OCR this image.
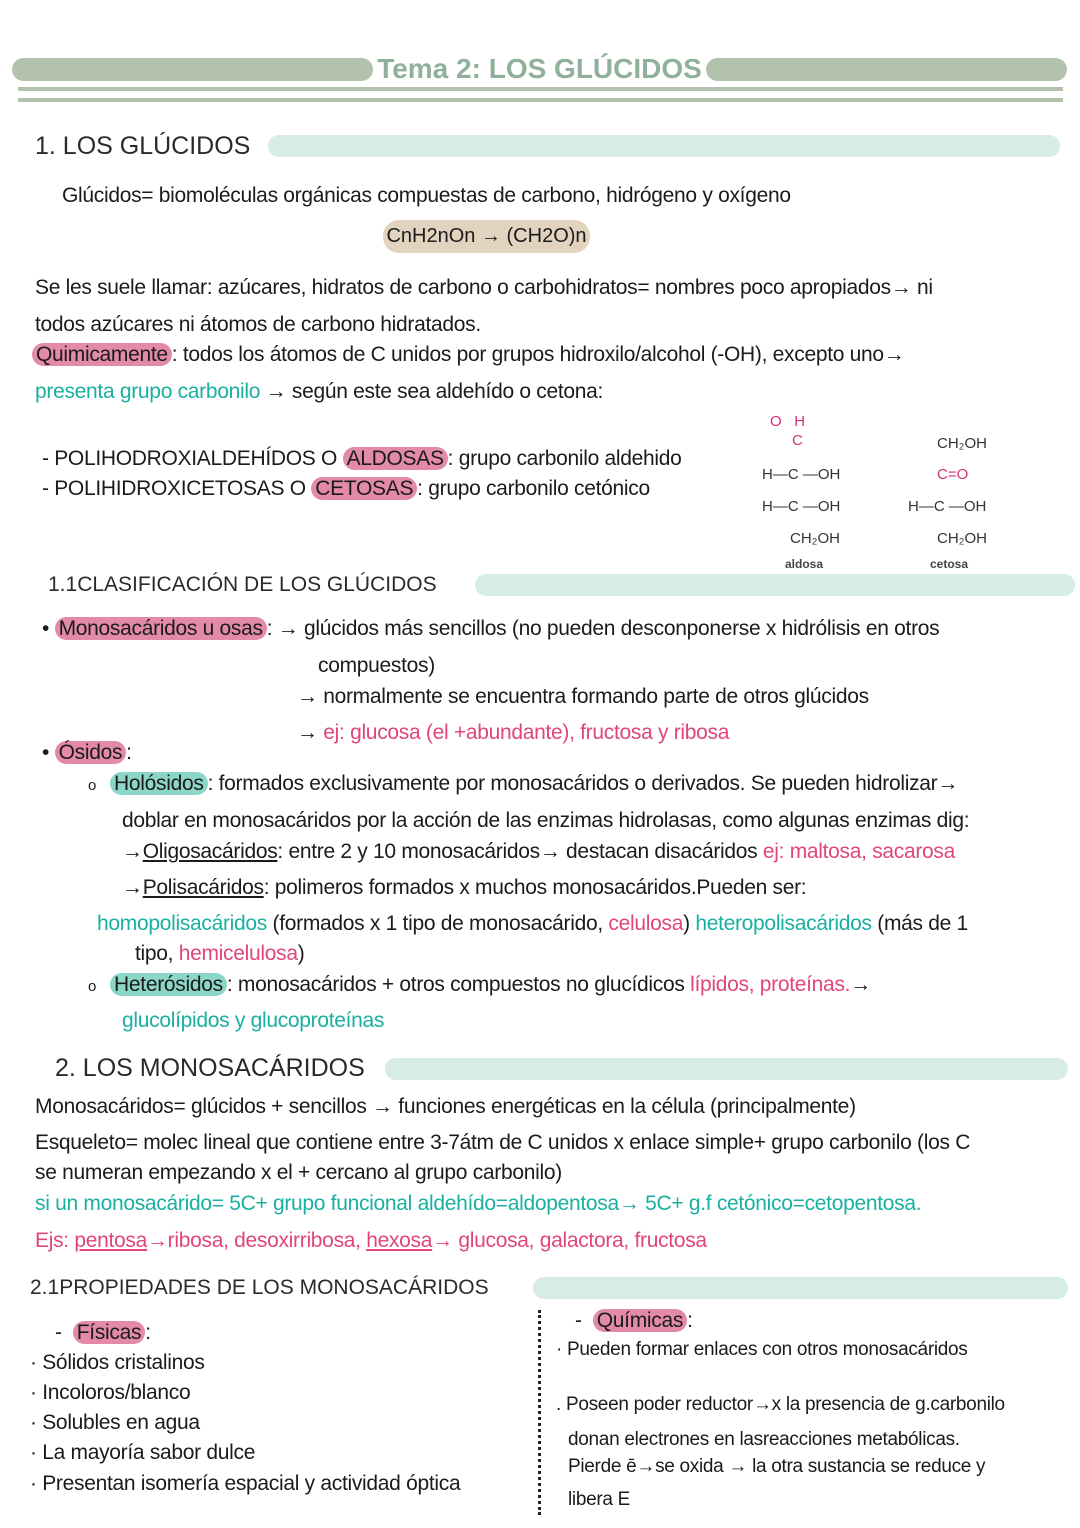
Tema 2: LOS GLÚCIDOS
1. LOS GLÚCIDOS
Glúcidos= biomoléculas orgánicas compuestas de carbono, hidrógeno y oxígeno
CnH2nOn → (CH2O)n
Se les suele llamar: azúcares, hidratos de carbono o carbohidratos= nombres poco apropiados→ ni
todos azúcares ni átomos de carbono hidratados.
Quimicamente : todos los átomos de C unidos por grupos hidroxilo/alcohol (-OH), excepto uno→
presenta grupo carbonilo → según este sea aldehído o cetona:
- POLIHODROXIALDEHÍDOS O ALDOSAS : grupo carbonilo aldehido
- POLIHIDROXICETOSAS O CETOSAS : grupo carbonilo cetónico
O H
C
H—C —OH
H—C —OH
CH₂OH
aldosa
CH₂OH
C=O
H—C —OH
CH₂OH
cetosa
1.1CLASIFICACIÓN DE LOS GLÚCIDOS
• Monosacáridos u osas : → glúcidos más sencillos (no pueden desconponerse x hidrólisis en otros
compuestos)
→ normalmente se encuentra formando parte de otros glúcidos
→ ej: glucosa (el +abundante), fructosa y ribosa
• Ósidos :
o Holósidos : formados exclusivamente por monosacáridos o derivados. Se pueden hidrolizar→
doblar en monosacáridos por la acción de las enzimas hidrolasas, como algunas enzimas dig:
→Oligosacáridos: entre 2 y 10 monosacáridos→ destacan disacáridos ej: maltosa, sacarosa
→Polisacáridos: polimeros formados x muchos monosacáridos.Pueden ser:
homopolisacáridos (formados x 1 tipo de monosacárido, celulosa) heteropolisacáridos (más de 1
tipo, hemicelulosa)
o Heterósidos : monosacáridos + otros compuestos no glucídicos lípidos, proteínas.→
glucolípidos y glucoproteínas
2. LOS MONOSACÁRIDOS
Monosacáridos= glúcidos + sencillos → funciones energéticas en la célula (principalmente)
Esqueleto= molec lineal que contiene entre 3-7átm de C unidos x enlace simple+ grupo carbonilo (los C
se numeran empezando x el + cercano al grupo carbonilo)
si un monosacárido= 5C+ grupo funcional aldehído=aldopentosa→ 5C+ g.f cetónico=cetopentosa.
Ejs: pentosa→ribosa, desoxirribosa, hexosa→ glucosa, galactora, fructosa
2.1PROPIEDADES DE LOS MONOSACÁRIDOS
-  Físicas :
· Sólidos cristalinos
· Incoloros/blanco
· Solubles en agua
· La mayoría sabor dulce
· Presentan isomería espacial y actividad óptica
-  Químicas :
· Pueden formar enlaces con otros monosacáridos
. Poseen poder reductor→x la presencia de g.carbonilo
donan electrones en lasreacciones metabólicas.
Pierde ē→se oxida → la otra sustancia se reduce y
libera E
